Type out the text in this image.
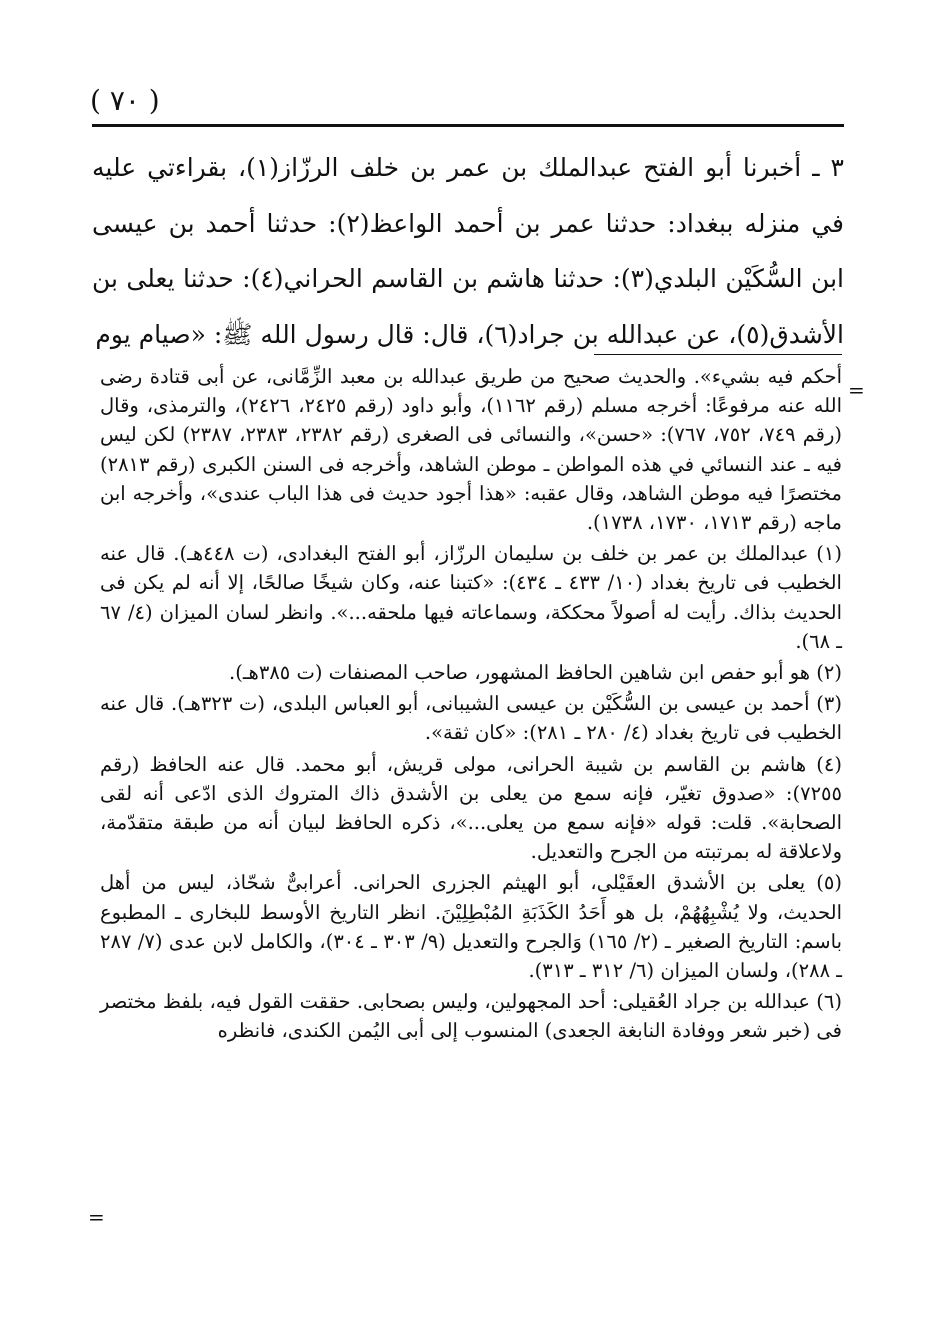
( ٧٠ )

٣ ـ أخبرنا أبو الفتح عبدالملك بن عمر بن خلف الرزّاز(١)، بقراءتي عليه في منزله ببغداد: حدثنا عمر بن أحمد الواعظ(٢): حدثنا أحمد بن عيسى ابن السُّكَيْن البلدي(٣): حدثنا هاشم بن القاسم الحراني(٤): حدثنا يعلى بن الأشدق(٥)، عن عبدالله بن جراد(٦)، قال: قال رسول الله ﷺ: «صيام يوم

=

أحكم فيه بشيء». والحديث صحيح من طريق عبدالله بن معبد الزِّمَّانى، عن أبى قتادة رضى الله عنه مرفوعًا: أخرجه مسلم (رقم ١١٦٢)، وأبو داود (رقم ٢٤٢٥، ٢٤٢٦)، والترمذى، وقال (رقم ٧٤٩، ٧٥٢، ٧٦٧): «حسن»، والنسائى فى الصغرى (رقم ٢٣٨٢، ٢٣٨٣، ٢٣٨٧) لكن ليس فيه ـ عند النسائي في هذه المواطن ـ موطن الشاهد، وأخرجه فى السنن الكبرى (رقم ٢٨١٣) مختصرًا فيه موطن الشاهد، وقال عقبه: «هذا أجود حديث فى هذا الباب عندى»، وأخرجه ابن ماجه (رقم ١٧١٣، ١٧٣٠، ١٧٣٨).

(١) عبدالملك بن عمر بن خلف بن سليمان الرزّاز، أبو الفتح البغدادى، (ت ٤٤٨هـ). قال عنه الخطيب فى تاريخ بغداد (١٠/ ٤٣٣ ـ ٤٣٤): «كتبنا عنه، وكان شيخًا صالحًا، إلا أنه لم يكن فى الحديث بذاك. رأيت له أصولاً محككة، وسماعاته فيها ملحقه...». وانظر لسان الميزان (٤/ ٦٧ ـ ٦٨).

(٢) هو أبو حفص ابن شاهين الحافظ المشهور، صاحب المصنفات (ت ٣٨٥هـ).

(٣) أحمد بن عيسى بن السُّكَيْن بن عيسى الشيبانى، أبو العباس البلدى، (ت ٣٢٣هـ). قال عنه الخطيب فى تاريخ بغداد (٤/ ٢٨٠ ـ ٢٨١): «كان ثقة».

(٤) هاشم بن القاسم بن شيبة الحرانى، مولى قريش، أبو محمد. قال عنه الحافظ (رقم ٧٢٥٥): «صدوق تغيّر، فإنه سمع من يعلى بن الأشدق ذاك المتروك الذى ادّعى أنه لقى الصحابة». قلت: قوله «فإنه سمع من يعلى...»، ذكره الحافظ لبيان أنه من طبقة متقدّمة، ولاعلاقة له بمرتبته من الجرح والتعديل.

(٥) يعلى بن الأشدق العقَيْلى، أبو الهيثم الجزرى الحرانى. أعرابىٌّ شحّاذ، ليس من أهل الحديث، ولا يُشْبِهُهُمْ، بل هو أَحَدُ الكَذَبَةِ المُبْطِلِيْنَ. انظر التاريخ الأوسط للبخارى ـ المطبوع باسم: التاريخ الصغير ـ (٢/ ١٦٥) وَالجرح والتعديل (٩/ ٣٠٣ ـ ٣٠٤)، والكامل لابن عدى (٧/ ٢٨٧ ـ ٢٨٨)، ولسان الميزان (٦/ ٣١٢ ـ ٣١٣).

(٦) عبدالله بن جراد العُقيلى: أحد المجهولين، وليس بصحابى. حققت القول فيه، بلفظ مختصر فى (خبر شعر ووفادة النابغة الجعدى) المنسوب إلى أبى اليُمن الكندى، فانظره

=
